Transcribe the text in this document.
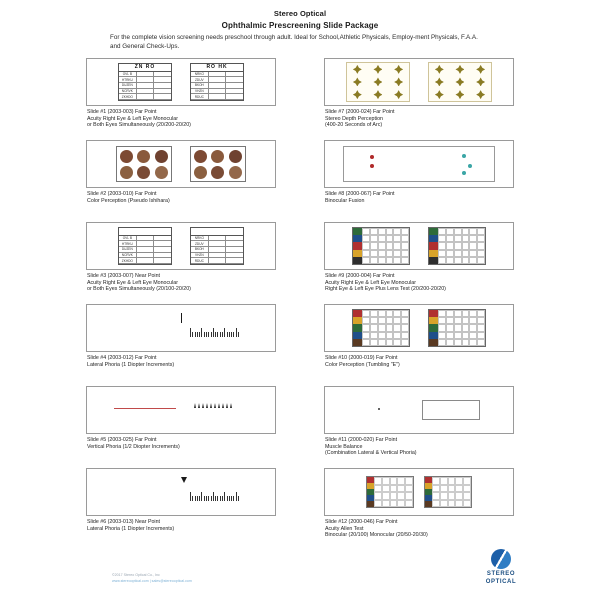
Stereo Optical
Ophthalmic Prescreening Slide Package
For the complete vision screening needs preschool through adult. Ideal for School,Athletic Physicals, Employ-ment Physicals, F.A.A. and General Check-Ups.
ZN RO
OVL B
HTRKU
DUZEN
NCRVK
ZKHDO
RO HK
NRKO
ZDUV
BKOH
VHZN
RDUC
Slide #1 (2003-003) Far Point
Acuity Right Eye & Left Eye Monocular
or Both Eyes Simultaneously (20/200-20/20)
Slide #2 (2003-010) Far Point
Color Perception (Pseudo Ishihara)
OVL B
HTRKU
DUZEN
NCRVK
ZKHDO
NRKO
ZDUV
BKOH
VHZN
RDUC
Slide #3 (2003-007) Near Point
Acuity Right Eye & Left Eye Monocular
or Both Eyes Simultaneously (20/100-20/20)
Slide #4 (2003-012) Far Point
Lateral Phoria (1 Diopter Increments)
Slide #5 (2003-025) Far Point
Vertical Phoria (1/2 Diopter Increments)
Slide #6 (2003-013) Near Point
Lateral Phoria (1 Diopter Increments)
Slide #7 (2000-024) Far Point
Stereo Depth Perception
(400-20 Seconds of Arc)
Slide #8 (2000-067) Far Point
Binocular Fusion
Slide #9 (2000-004) Far Point
Acuity Right Eye & Left Eye Monocular
Right Eye & Left Eye Plus Lens Test (20/200-20/20)
Slide #10 (2000-019) Far Point
Color Perception (Tumbling "E")
Slide #11 (2000-020) Far Point
Muscle Balance
(Combination Lateral & Vertical Phoria)
Slide #12 (2000-046) Far Point
Acuity Allen Test
Binocular (20/100) Monocular (20/50-20/30)
©2017 Stereo Optical Co., Inc
www.stereooptical.com | sales@stereooptical.com
STEREO
OPTICAL
